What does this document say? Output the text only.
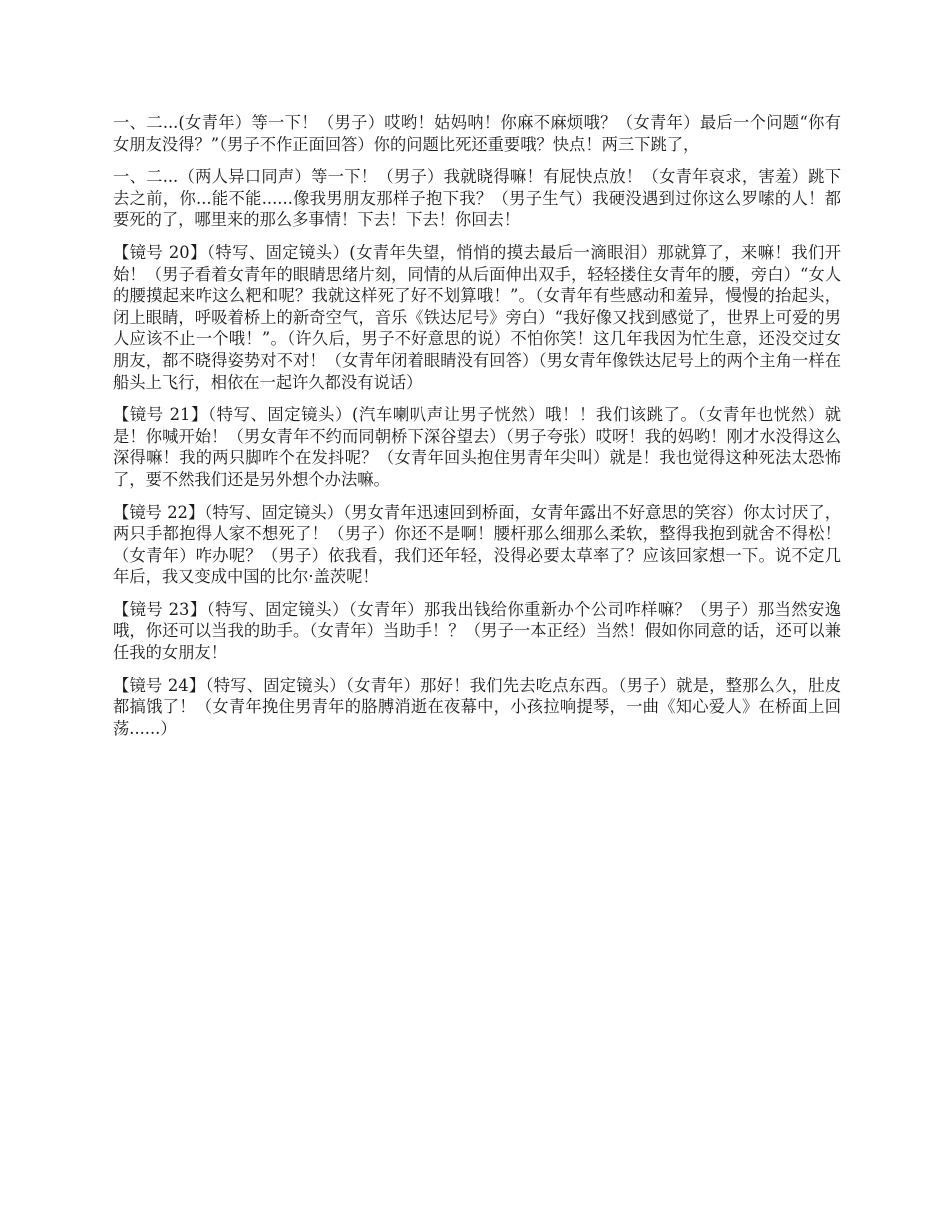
一、二...(女青年）等一下！（男子）哎哟！姑妈呐！你麻不麻烦哦？（女青年）最后一个问题“你有女朋友没得？”（男子不作正面回答）你的问题比死还重要哦？快点！两三下跳了，

一、二...（两人异口同声）等一下！（男子）我就晓得嘛！有屁快点放！（女青年哀求，害羞）跳下去之前，你...能不能......像我男朋友那样子抱下我？（男子生气）我硬没遇到过你这么罗嗦的人！都要死的了，哪里来的那么多事情！下去！下去！你回去！

【镜号 20】（特写、固定镜头）(女青年失望，悄悄的摸去最后一滴眼泪）那就算了，来嘛！我们开始！（男子看着女青年的眼睛思绪片刻，同情的从后面伸出双手，轻轻搂住女青年的腰，旁白）“女人的腰摸起来咋这么粑和呢？我就这样死了好不划算哦！”。（女青年有些感动和羞异，慢慢的抬起头，闭上眼睛，呼吸着桥上的新奇空气，音乐《铁达尼号》旁白）“我好像又找到感觉了，世界上可爱的男人应该不止一个哦！”。（许久后，男子不好意思的说）不怕你笑！这几年我因为忙生意，还没交过女朋友，都不晓得姿势对不对！（女青年闭着眼睛没有回答）（男女青年像铁达尼号上的两个主角一样在船头上飞行，相依在一起许久都没有说话）

【镜号 21】（特写、固定镜头）(汽车喇叭声让男子恍然）哦！！我们该跳了。（女青年也恍然）就是！你喊开始！（男女青年不约而同朝桥下深谷望去）（男子夸张）哎呀！我的妈哟！刚才水没得这么深得嘛！我的两只脚咋个在发抖呢？（女青年回头抱住男青年尖叫）就是！我也觉得这种死法太恐怖了，要不然我们还是另外想个办法嘛。

【镜号 22】（特写、固定镜头）（男女青年迅速回到桥面，女青年露出不好意思的笑容）你太讨厌了，两只手都抱得人家不想死了！（男子）你还不是啊！腰杆那么细那么柔软，整得我抱到就舍不得松！（女青年）咋办呢？（男子）依我看，我们还年轻，没得必要太草率了？应该回家想一下。说不定几年后，我又变成中国的比尔·盖茨呢！

【镜号 23】（特写、固定镜头）（女青年）那我出钱给你重新办个公司咋样嘛？（男子）那当然安逸哦，你还可以当我的助手。（女青年）当助手！？（男子一本正经）当然！假如你同意的话，还可以兼任我的女朋友！

【镜号 24】（特写、固定镜头）（女青年）那好！我们先去吃点东西。（男子）就是，整那么久，肚皮都搞饿了！（女青年挽住男青年的胳膊消逝在夜幕中，小孩拉响提琴，一曲《知心爱人》在桥面上回荡......）
